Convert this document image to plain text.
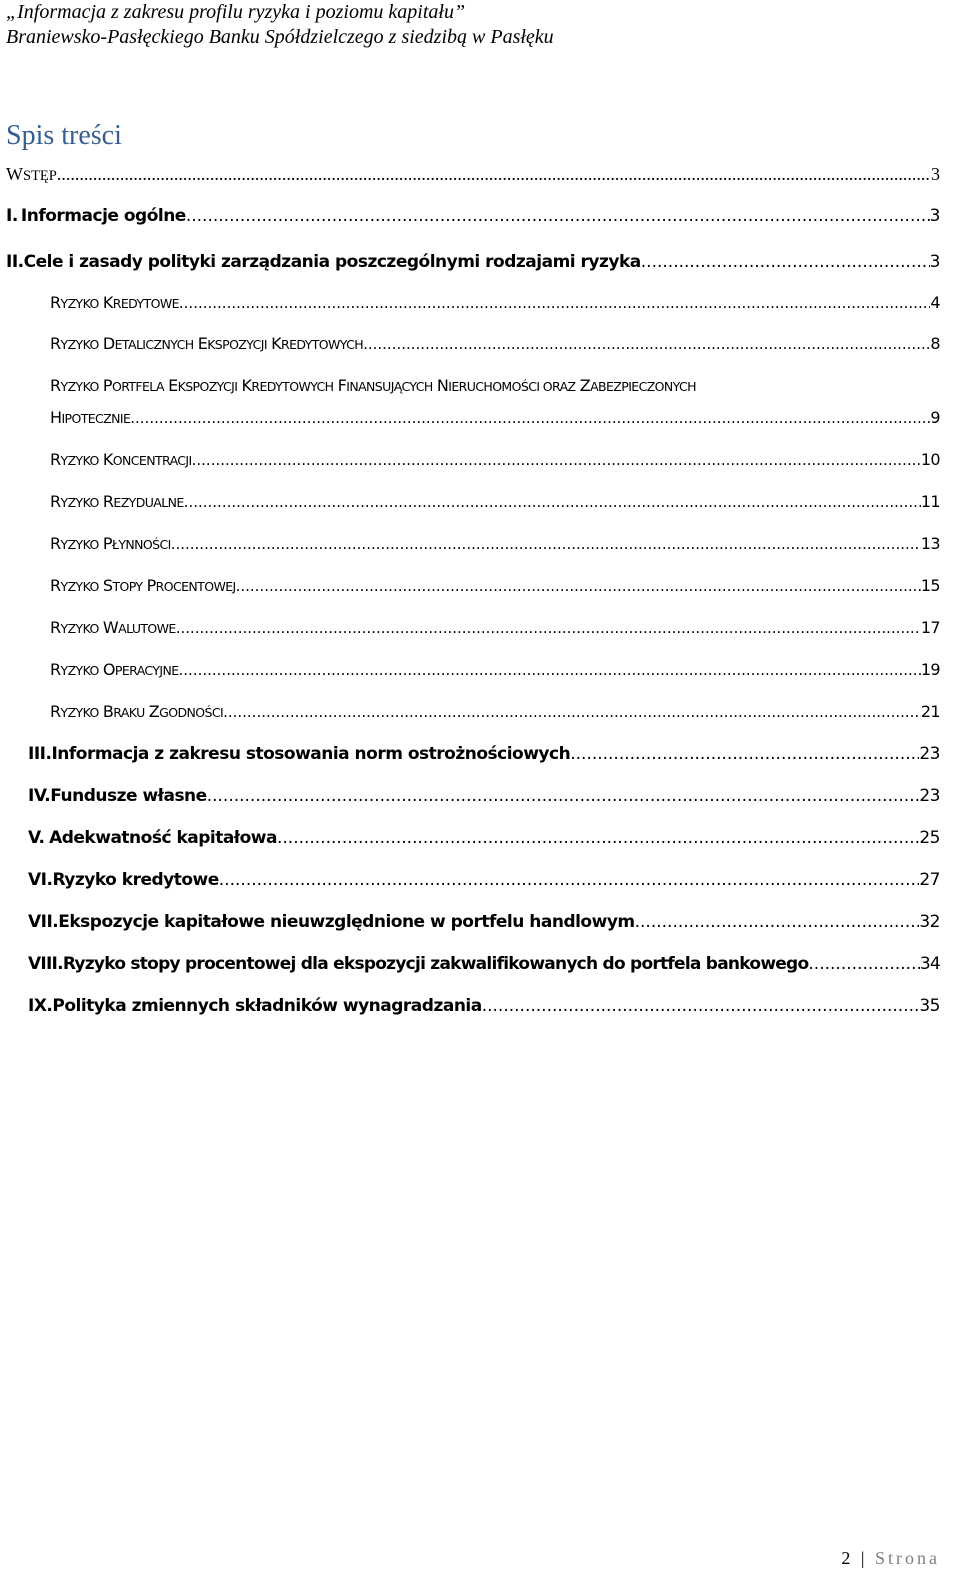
„Informacja z zakresu profilu ryzyka i poziomu kapitału”
Braniewsko-Pasłęckiego Banku Spółdzielczego z siedzibą w Pasłęku
Spis treści
WSTĘP .....	3
I. Informacje ogólne .....	3
II. Cele i zasady polityki zarządzania poszczególnymi rodzajami ryzyka .....	3
RYZYKO KREDYTOWE .....	4
RYZYKO DETALICZNYCH EKSPOZYCJI KREDYTOWYCH .....	8
RYZYKO PORTFELA EKSPOZYCJI KREDYTOWYCH FINANSUJĄCYCH NIERUCHOMOŚCI ORAZ ZABEZPIECZONYCH
HIPOTECZNIE .....	9
RYZYKO KONCENTRACJI .....	10
RYZYKO REZYDUALNE .....	11
RYZYKO PŁYNNOŚCI .....	13
RYZYKO STOPY PROCENTOWEJ .....	15
RYZYKO WALUTOWE .....	17
RYZYKO OPERACYJNE .....	19
RYZYKO BRAKU ZGODNOŚCI .....	21
III. Informacja z zakresu stosowania norm ostrożnościowych .....	23
IV. Fundusze własne .....	23
V. Adekwatność kapitałowa .....	25
VI. Ryzyko kredytowe .....	27
VII. Ekspozycje kapitałowe nieuwzględnione w portfelu handlowym .....	32
VIII. Ryzyko stopy procentowej dla ekspozycji zakwalifikowanych do portfela bankowego .....	34
IX. Polityka zmiennych składników wynagradzania .....	35
2 | Strona
